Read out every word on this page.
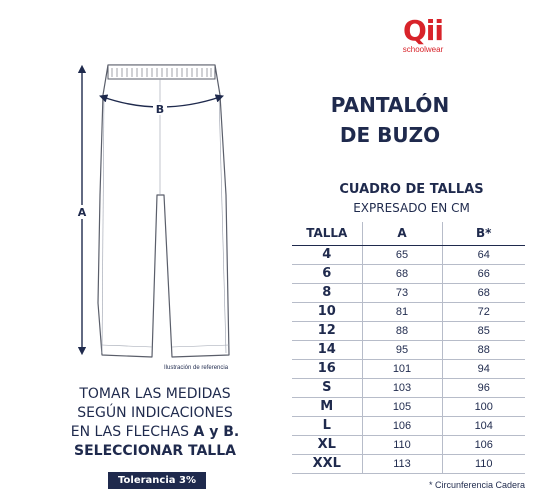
Qii
schoolwear
PANTALÓN
DE BUZO
CUADRO DE TALLAS
EXPRESADO EN CM
TALLA	A	B*
4	65	64
6	68	66
8	73	68
10	81	72
12	88	85
14	95	88
16	101	94
S	103	96
M	105	100
L	106	104
XL	110	106
XXL	113	110
* Circunferencia Cadera
B
A
Ilustración de referencia
TOMAR LAS MEDIDAS
SEGÚN INDICACIONES
EN LAS FLECHAS A y B.
SELECCIONAR TALLA
Tolerancia 3%
